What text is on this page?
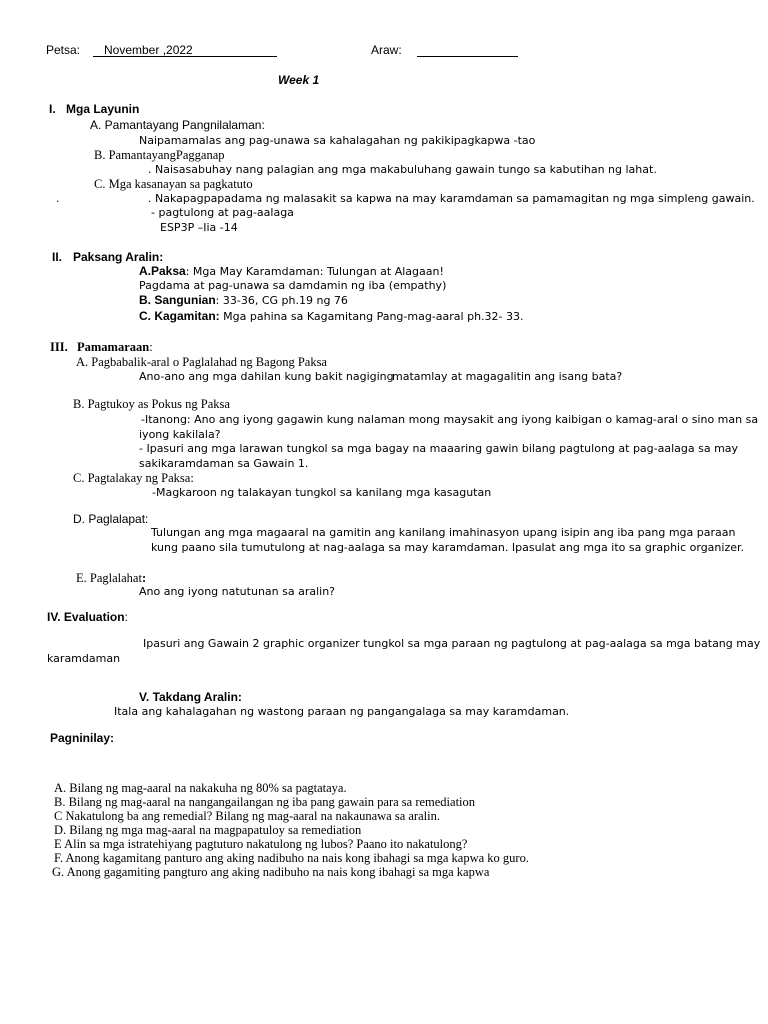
Petsa: November ,2022	Araw:
Week 1
I. Mga Layunin
A. Pamantayang Pangnilalaman:
Naipamamalas ang pag-unawa sa kahalagahan ng pakikipagkapwa -tao
B. PamantayangPagganap
. Naisasabuhay nang palagian ang mga makabuluhang gawain tungo sa kabutihan ng lahat.
C. Mga kasanayan sa pagkatuto
.	. Nakapagpapadama ng malasakit sa kapwa na may karamdaman sa pamamagitan ng mga simpleng gawain.
- pagtulong at pag-aalaga
ESP3P –Iia -14
II. Paksang Aralin:
A.Paksa: Mga May Karamdaman: Tulungan at Alagaan!
Pagdama at pag-unawa sa damdamin ng iba (empathy)
B. Sangunian: 33-36, CG ph.19 ng 76
C. Kagamitan: Mga pahina sa Kagamitang Pang-mag-aaral ph.32- 33.
III. Pamamaraan:
A. Pagbabalik-aral o Paglalahad ng Bagong Paksa
Ano-ano ang mga dahilan kung bakit nagiging
matamlay at magagalitin ang isang bata?
B. Pagtukoy as Pokus ng Paksa
-Itanong: Ano ang iyong gagawin kung nalaman mong maysakit ang iyong kaibigan o kamag-aral o sino man sa
iyong kakilala?
- Ipasuri ang mga larawan tungkol sa mga bagay na maaaring gawin bilang pagtulong at pag-aalaga sa may
sakikaramdaman sa Gawain 1.
C. Pagtalakay ng Paksa:
-Magkaroon ng talakayan tungkol sa kanilang mga kasagutan
D. Paglalapat:
Tulungan ang mga magaaral na gamitin ang kanilang imahinasyon upang isipin ang iba pang mga paraan
kung paano sila tumutulong at nag-aalaga sa may karamdaman. Ipasulat ang mga ito sa graphic organizer.
E. Paglalahat:
Ano ang iyong natutunan sa aralin?
IV. Evaluation:
Ipasuri ang Gawain 2 graphic organizer tungkol sa mga paraan ng pagtulong at pag-aalaga sa mga batang may
karamdaman
V. Takdang Aralin:
Itala ang kahalagahan ng wastong paraan ng pangangalaga sa may karamdaman.
Pagninilay:
A. Bilang ng mag-aaral na nakakuha ng 80% sa pagtataya.
B. Bilang ng mag-aaral na nangangailangan ng iba pang gawain para sa remediation
C Nakatulong ba ang remedial? Bilang ng mag-aaral na nakaunawa sa aralin.
D. Bilang ng mga mag-aaral na magpapatuloy sa remediation
E Alin sa mga istratehiyang pagtuturo nakatulong ng lubos? Paano ito nakatulong?
F. Anong kagamitang panturo ang aking nadibuho na nais kong ibahagi sa mga kapwa ko guro.
G. Anong gagamiting pangturo ang aking nadibuho na nais kong ibahagi sa mga kapwa
